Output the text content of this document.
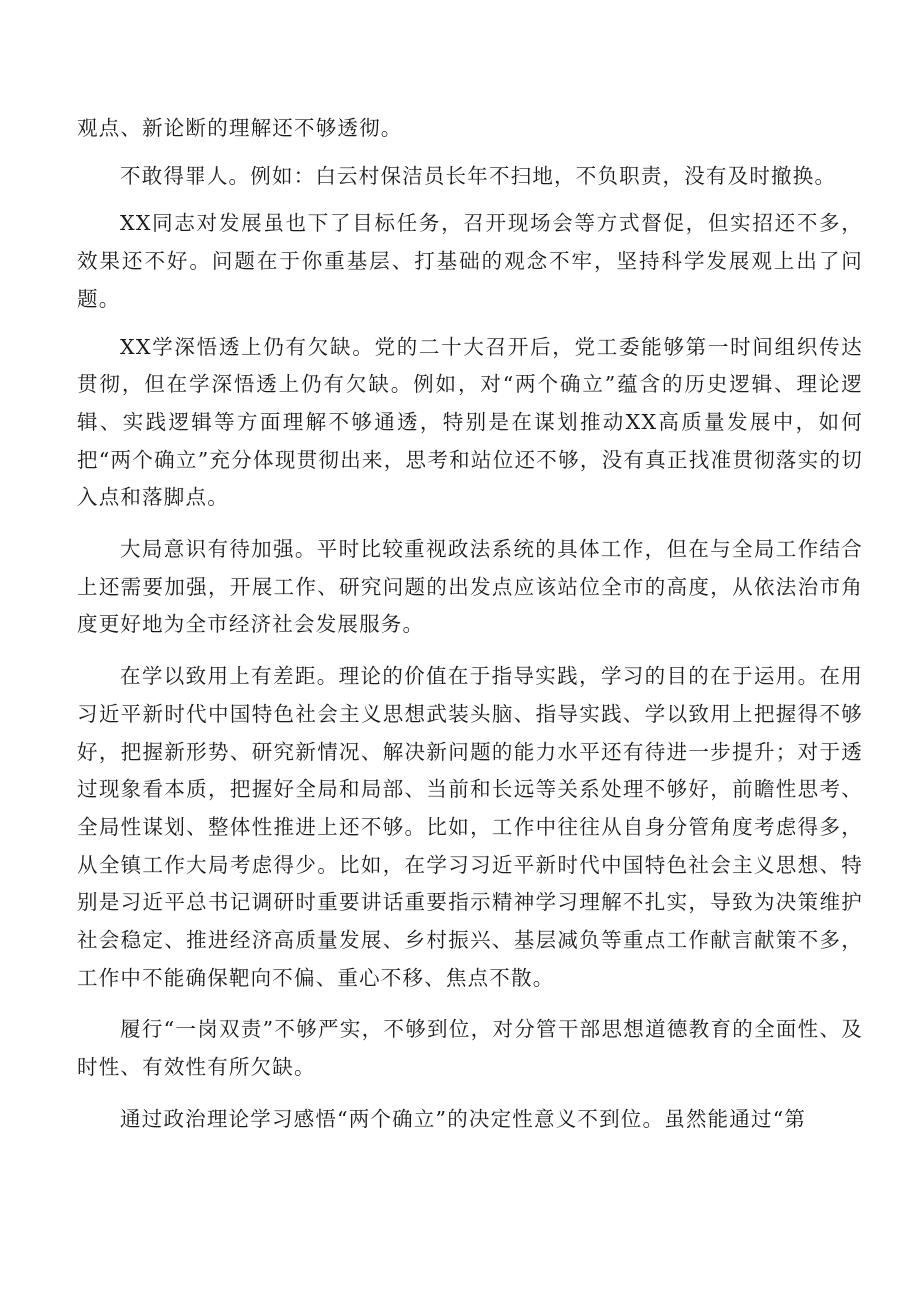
观点、新论断的理解还不够透彻。

不敢得罪人。例如：白云村保洁员长年不扫地，不负职责，没有及时撤换。

XX同志对发展虽也下了目标任务，召开现场会等方式督促，但实招还不多，效果还不好。问题在于你重基层、打基础的观念不牢，坚持科学发展观上出了问题。

XX学深悟透上仍有欠缺。党的二十大召开后，党工委能够第一时间组织传达贯彻，但在学深悟透上仍有欠缺。例如，对“两个确立”蕴含的历史逻辑、理论逻辑、实践逻辑等方面理解不够通透，特别是在谋划推动XX高质量发展中，如何把“两个确立”充分体现贯彻出来，思考和站位还不够，没有真正找准贯彻落实的切入点和落脚点。

大局意识有待加强。平时比较重视政法系统的具体工作，但在与全局工作结合上还需要加强，开展工作、研究问题的出发点应该站位全市的高度，从依法治市角度更好地为全市经济社会发展服务。

在学以致用上有差距。理论的价值在于指导实践，学习的目的在于运用。在用习近平新时代中国特色社会主义思想武装头脑、指导实践、学以致用上把握得不够好，把握新形势、研究新情况、解决新问题的能力水平还有待进一步提升；对于透过现象看本质，把握好全局和局部、当前和长远等关系处理不够好，前瞻性思考、全局性谋划、整体性推进上还不够。比如，工作中往往从自身分管角度考虑得多，从全镇工作大局考虑得少。比如，在学习习近平新时代中国特色社会主义思想、特别是习近平总书记调研时重要讲话重要指示精神学习理解不扎实，导致为决策维护社会稳定、推进经济高质量发展、乡村振兴、基层减负等重点工作献言献策不多，工作中不能确保靶向不偏、重心不移、焦点不散。

履行“一岗双责”不够严实，不够到位，对分管干部思想道德教育的全面性、及时性、有效性有所欠缺。

通过政治理论学习感悟“两个确立”的决定性意义不到位。虽然能通过“第
